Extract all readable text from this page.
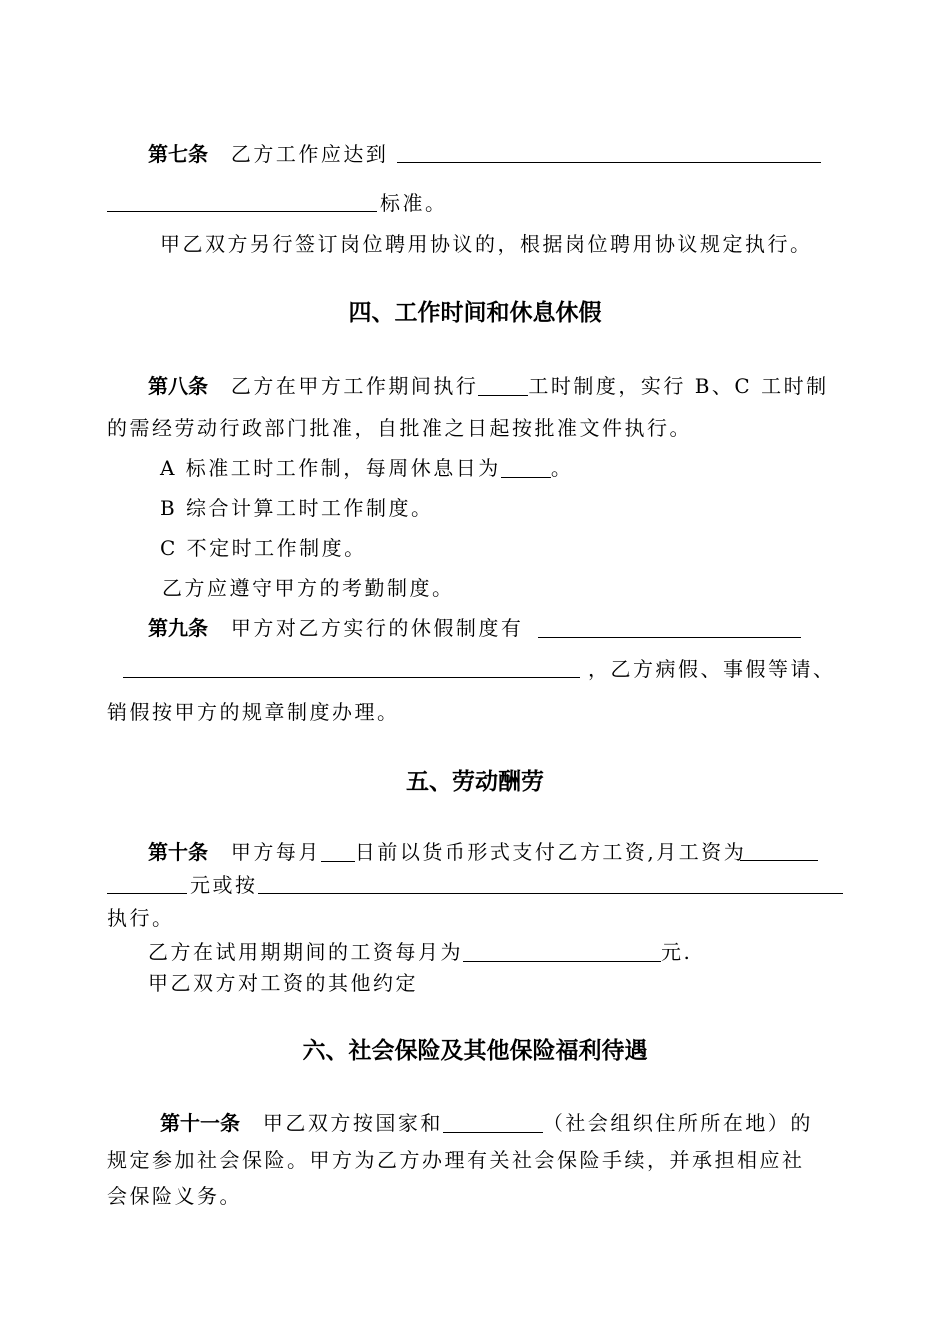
第七条 乙方工作应达到
标准。
甲乙双方另行签订岗位聘用协议的，根据岗位聘用协议规定执行。
四、工作时间和休息休假
第八条 乙方在甲方工作期间执行	工时制度，实行 B、C 工时制
的需经劳动行政部门批准，自批准之日起按批准文件执行。
A 标准工时工作制，每周休息日为	。
B 综合计算工时工作制度。
C 不定时工作制度。
乙方应遵守甲方的考勤制度。
第九条 甲方对乙方实行的休假制度有
，乙方病假、事假等请、
销假按甲方的规章制度办理。
五、劳动酬劳
第十条 甲方每月 日前以货币形式支付乙方工资,月工资为
元或按
执行。
乙方在试用期期间的工资每月为	元.
甲乙双方对工资的其他约定
六、社会保险及其他保险福利待遇
第十一条 甲乙双方按国家和	（社会组织住所所在地）的
规定参加社会保险。甲方为乙方办理有关社会保险手续，并承担相应社
会保险义务。
